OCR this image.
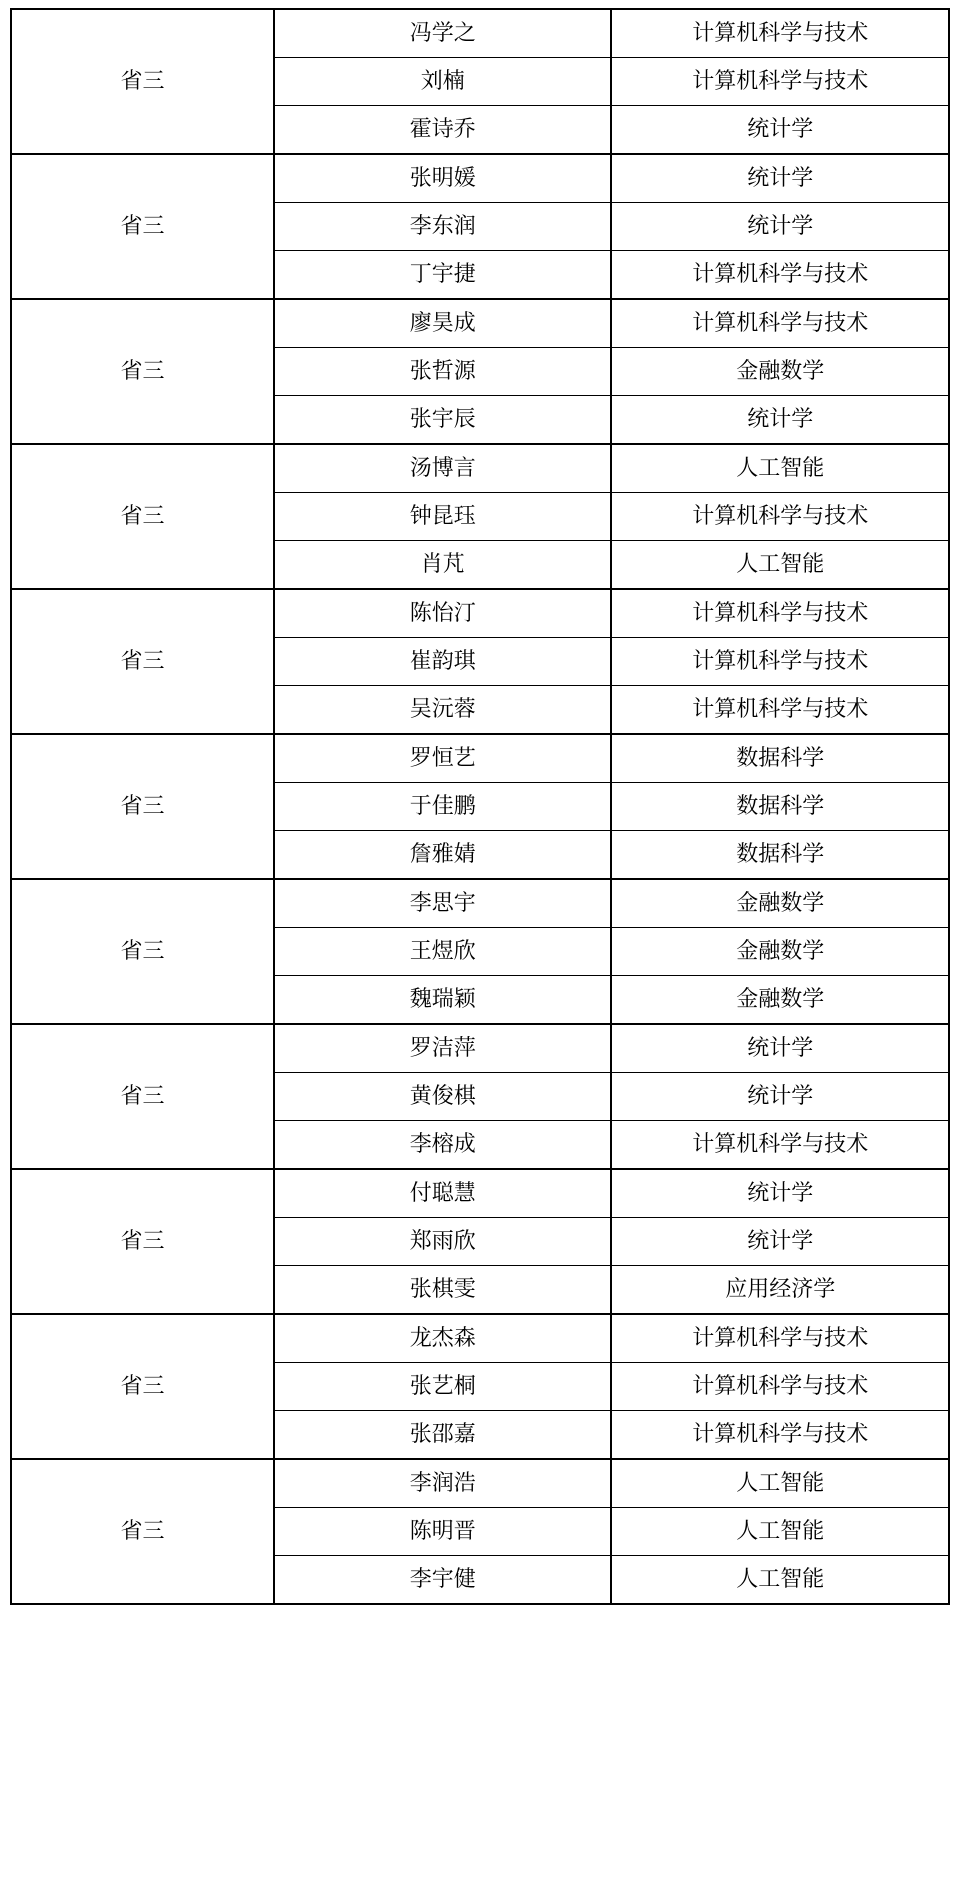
省三	冯学之	计算机科学与技术
	刘楠	计算机科学与技术
	霍诗乔	统计学
省三	张明媛	统计学
	李东润	统计学
	丁宇捷	计算机科学与技术
省三	廖昊成	计算机科学与技术
	张哲源	金融数学
	张宇辰	统计学
省三	汤博言	人工智能
	钟昆珏	计算机科学与技术
	肖芃	人工智能
省三	陈怡汀	计算机科学与技术
	崔韵琪	计算机科学与技术
	吴沅蓉	计算机科学与技术
省三	罗恒艺	数据科学
	于佳鹏	数据科学
	詹雅婧	数据科学
省三	李思宇	金融数学
	王煜欣	金融数学
	魏瑞颖	金融数学
省三	罗洁萍	统计学
	黄俊棋	统计学
	李榕成	计算机科学与技术
省三	付聪慧	统计学
	郑雨欣	统计学
	张棋雯	应用经济学
省三	龙杰森	计算机科学与技术
	张艺桐	计算机科学与技术
	张邵嘉	计算机科学与技术
省三	李润浩	人工智能
	陈明晋	人工智能
	李宇健	人工智能
